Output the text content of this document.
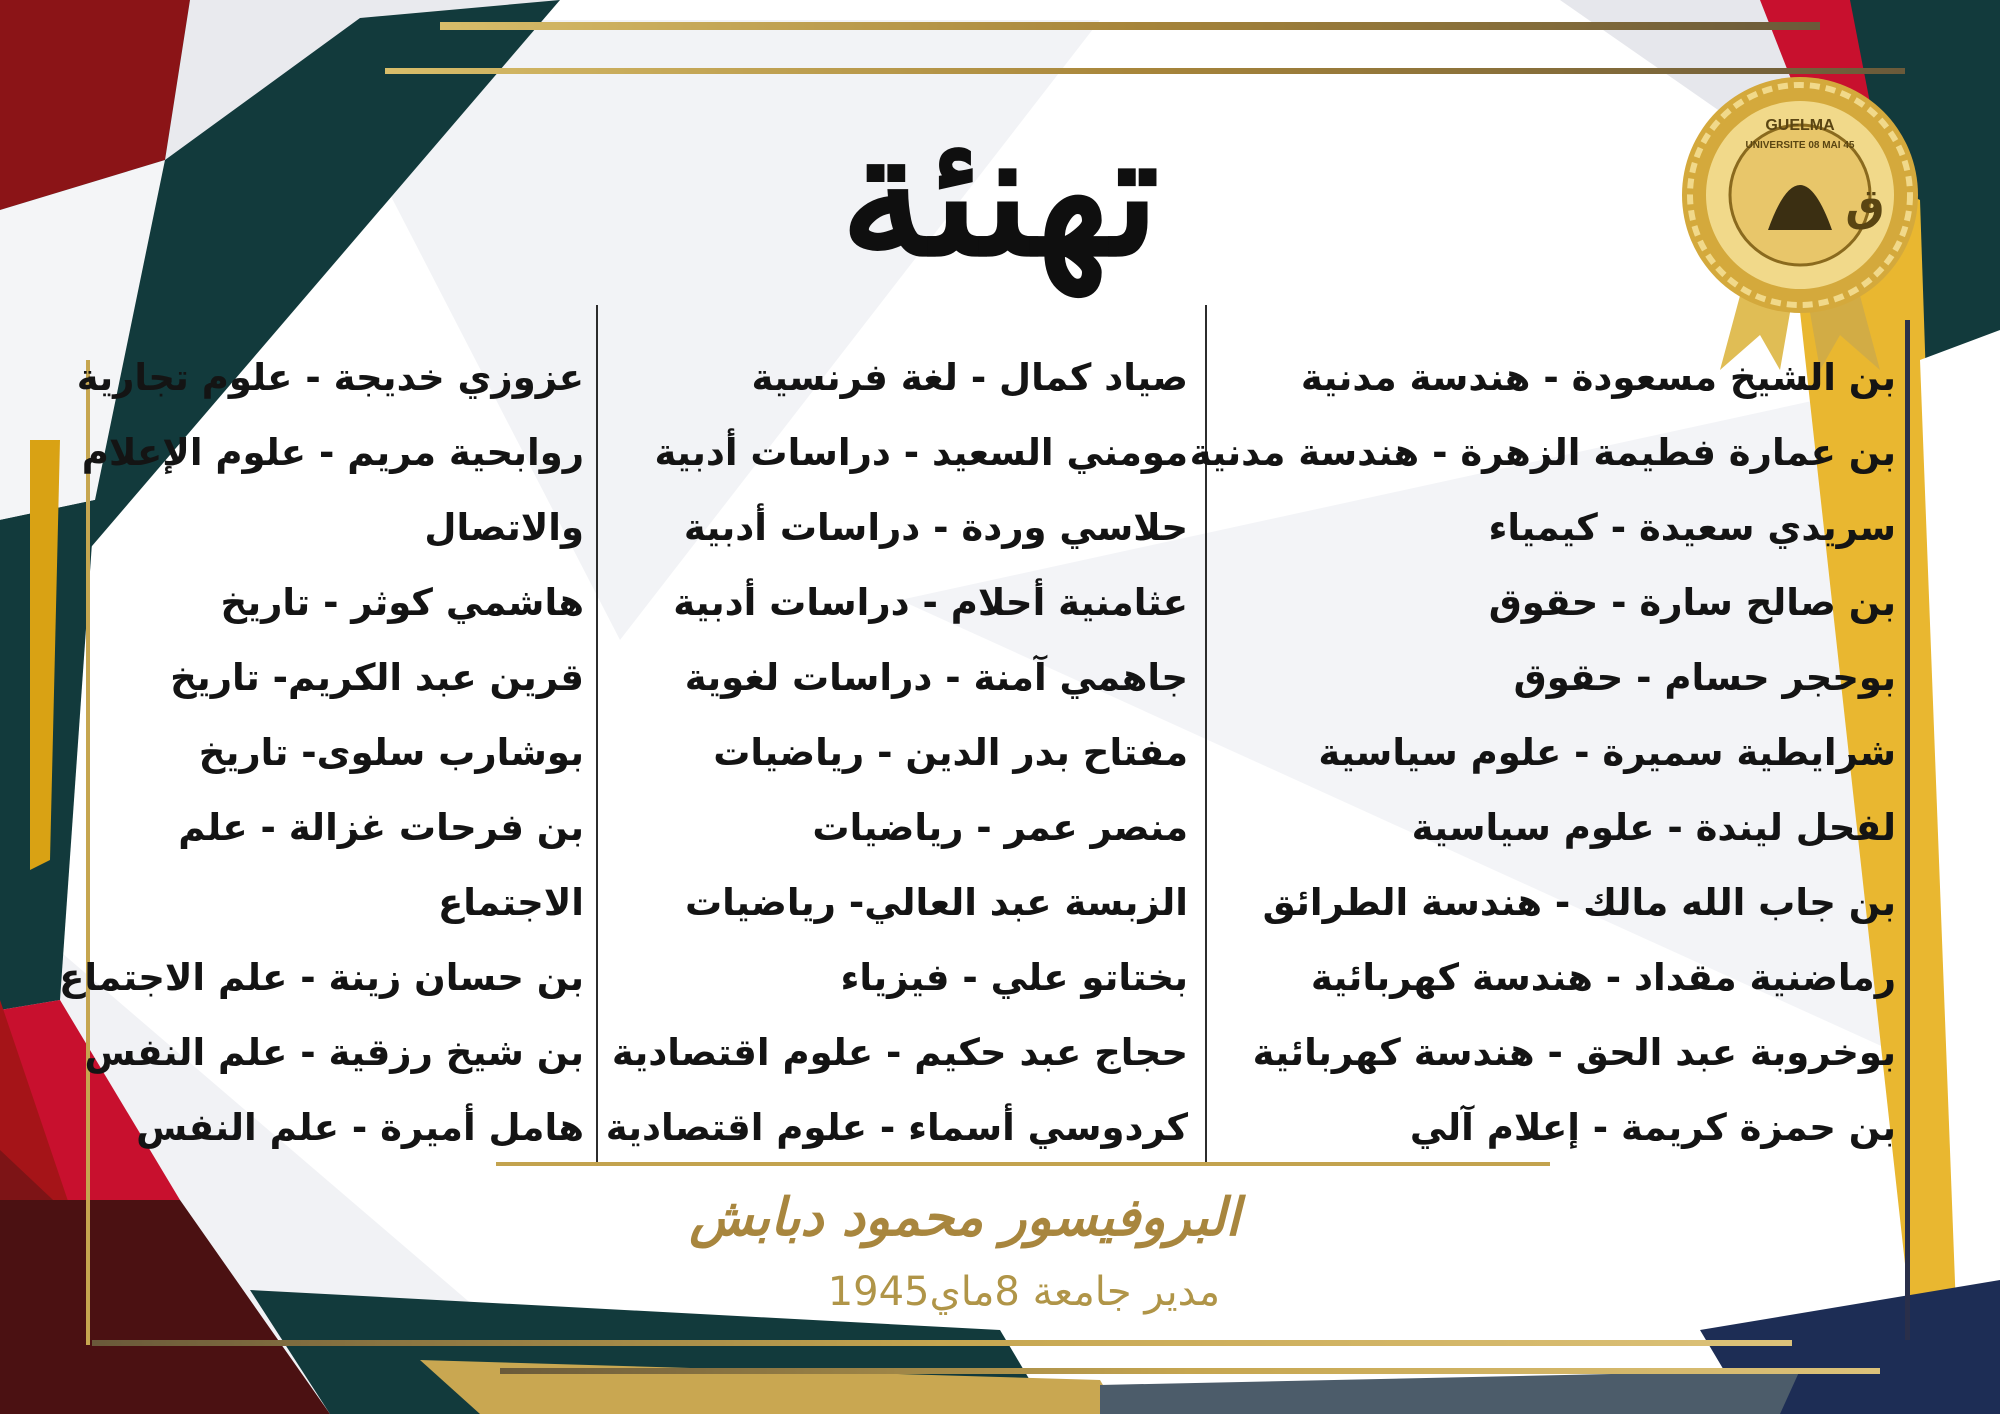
تهنئة	GUELMA
UNIVERSITE 08 MAI 45
ق
بن الشيخ مسعودة - هندسة مدنية
بن عمارة فطيمة الزهرة - هندسة مدنية
سريدي سعيدة - كيمياء
بن صالح سارة - حقوق
بوحجر حسام - حقوق
شرايطية سميرة - علوم سياسية
لفحل ليندة - علوم سياسية
بن جاب الله مالك - هندسة الطرائق
رماضنية مقداد - هندسة كهربائية
بوخروبة عبد الحق - هندسة كهربائية
بن حمزة كريمة - إعلام آلي
صياد كمال - لغة فرنسية
مومني السعيد - دراسات أدبية
حلاسي وردة - دراسات أدبية
عثامنية أحلام - دراسات أدبية
جاهمي آمنة - دراسات لغوية
مفتاح بدر الدين - رياضيات
منصر عمر - رياضيات
الزبسة عبد العالي- رياضيات
بختاتو علي - فيزياء
حجاج عبد حكيم - علوم اقتصادية
كردوسي أسماء - علوم اقتصادية
عزوزي خديجة - علوم تجارية
روابحية مريم - علوم الإعلام
والاتصال
هاشمي كوثر - تاريخ
قرين عبد الكريم- تاريخ
بوشارب سلوى- تاريخ
بن فرحات غزالة - علم
الاجتماع
بن حسان زينة - علم الاجتماع
بن شيخ رزقية - علم النفس
هامل أميرة - علم النفس
البروفيسور محمود دبابش
مدير جامعة 8ماي1945
